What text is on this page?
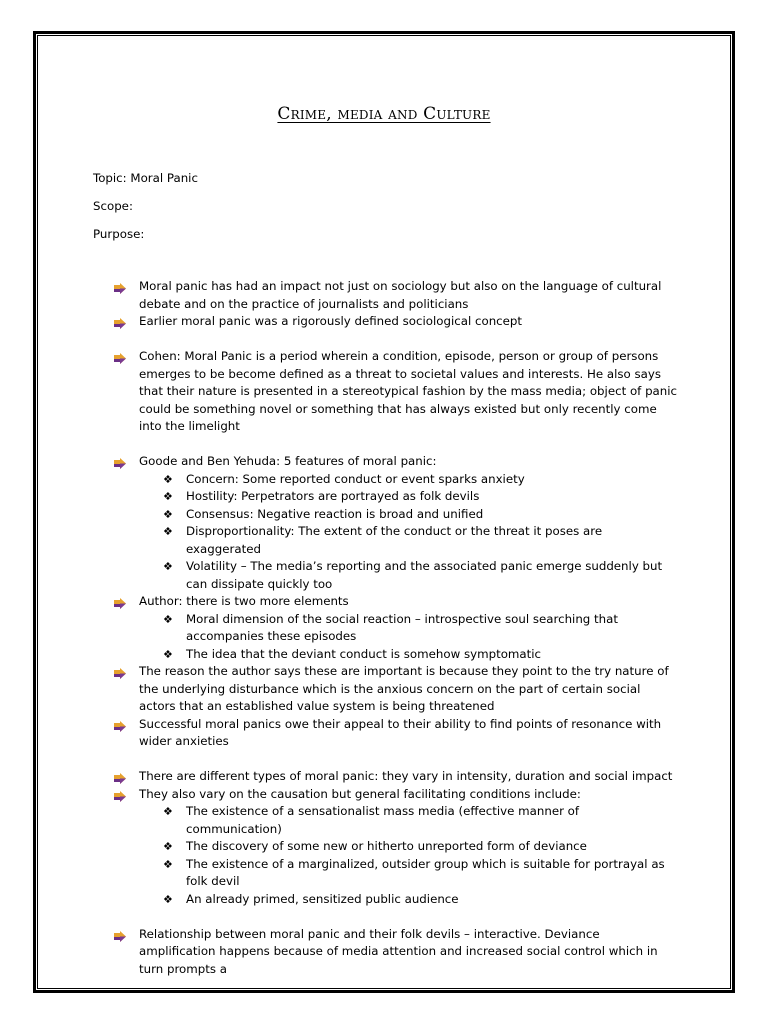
Crime, media and Culture
Topic: Moral Panic
Scope:
Purpose:
Moral panic has had an impact not just on sociology but also on the language of cultural debate and on the practice of journalists and politicians
Earlier moral panic was a rigorously defined sociological concept
Cohen: Moral Panic is a period wherein a condition, episode, person or group of persons emerges to be become defined as a threat to societal values and interests. He also says that their nature is presented in a stereotypical fashion by the mass media; object of panic could be something novel or something that has always existed but only recently come into the limelight
Goode and Ben Yehuda: 5 features of moral panic:
❖ Concern: Some reported conduct or event sparks anxiety
❖ Hostility: Perpetrators are portrayed as folk devils
❖ Consensus: Negative reaction is broad and unified
❖ Disproportionality: The extent of the conduct or the threat it poses are exaggerated
❖ Volatility – The media’s reporting and the associated panic emerge suddenly but can dissipate quickly too
Author: there is two more elements
❖ Moral dimension of the social reaction – introspective soul searching that accompanies these episodes
❖ The idea that the deviant conduct is somehow symptomatic
The reason the author says these are important is because they point to the try nature of the underlying disturbance which is the anxious concern on the part of certain social actors that an established value system is being threatened
Successful moral panics owe their appeal to their ability to find points of resonance with wider anxieties
There are different types of moral panic: they vary in intensity, duration and social impact
They also vary on the causation but general facilitating conditions include:
❖ The existence of a sensationalist mass media (effective manner of communication)
❖ The discovery of some new or hitherto unreported form of deviance
❖ The existence of a marginalized, outsider group which is suitable for portrayal as folk devil
❖ An already primed, sensitized public audience
Relationship between moral panic and their folk devils – interactive. Deviance amplification happens because of media attention and increased social control which in turn prompts a
